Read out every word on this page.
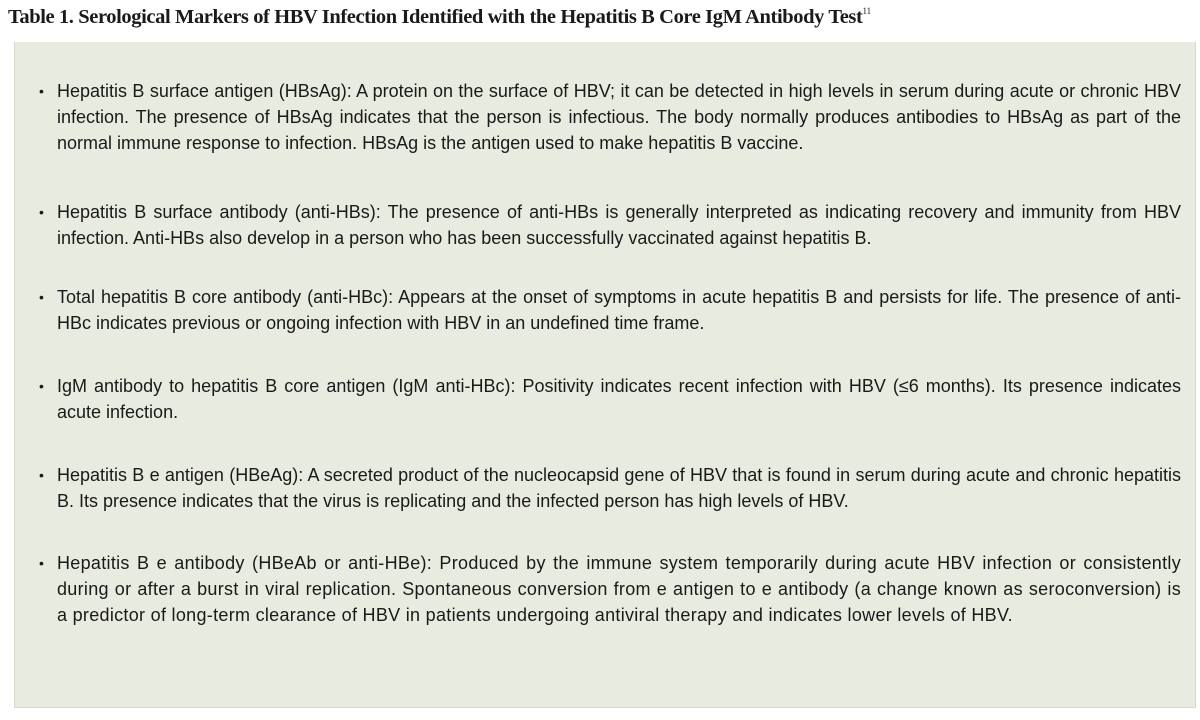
Table 1. Serological Markers of HBV Infection Identified with the Hepatitis B Core IgM Antibody Test$^{11}$
• Hepatitis B surface antigen (HBsAg): A protein on the surface of HBV; it can be detected in high levels in serum during acute or chronic HBV infection. The presence of HBsAg indicates that the person is infectious. The body normally produces antibodies to HBsAg as part of the normal immune response to infection. HBsAg is the antigen used to make hepatitis B vaccine.
• Hepatitis B surface antibody (anti-HBs): The presence of anti-HBs is generally interpreted as indicating recovery and immunity from HBV infection. Anti-HBs also develop in a person who has been successfully vaccinated against hepatitis B.
• Total hepatitis B core antibody (anti-HBc): Appears at the onset of symptoms in acute hepatitis B and persists for life. The presence of anti-HBc indicates previous or ongoing infection with HBV in an undefined time frame.
• IgM antibody to hepatitis B core antigen (IgM anti-HBc): Positivity indicates recent infection with HBV (≤6 months). Its presence indicates acute infection.
• Hepatitis B e antigen (HBeAg): A secreted product of the nucleocapsid gene of HBV that is found in serum during acute and chronic hepatitis B. Its presence indicates that the virus is replicating and the infected person has high levels of HBV.
• Hepatitis B e antibody (HBeAb or anti-HBe): Produced by the immune system temporarily during acute HBV infection or consistently during or after a burst in viral replication. Spontaneous conversion from e antigen to e antibody (a change known as seroconversion) is a predictor of long-term clearance of HBV in patients undergoing antiviral therapy and indicates lower levels of HBV.
